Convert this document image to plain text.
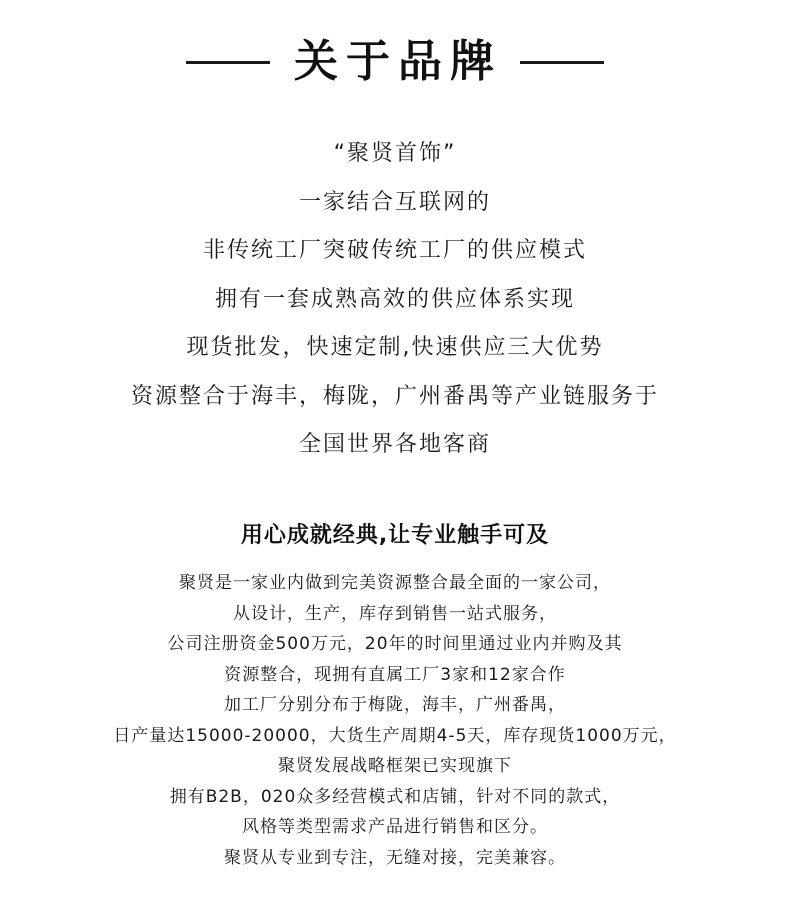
关于品牌
“聚贤首饰”
一家结合互联网的
非传统工厂突破传统工厂的供应模式
拥有一套成熟高效的供应体系实现
现货批发，快速定制,快速供应三大优势
资源整合于海丰，梅陇，广州番禺等产业链服务于
全国世界各地客商
用心成就经典,让专业触手可及
聚贤是一家业内做到完美资源整合最全面的一家公司，
从设计，生产，库存到销售一站式服务，
公司注册资金500万元，20年的时间里通过业内并购及其
资源整合，现拥有直属工厂3家和12家合作
加工厂分别分布于梅陇，海丰，广州番禺，
日产量达15000-20000，大货生产周期4-5天，库存现货1000万元，
聚贤发展战略框架已实现旗下
拥有B2B，020众多经营模式和店铺，针对不同的款式，
风格等类型需求产品进行销售和区分。
聚贤从专业到专注，无缝对接，完美兼容。
